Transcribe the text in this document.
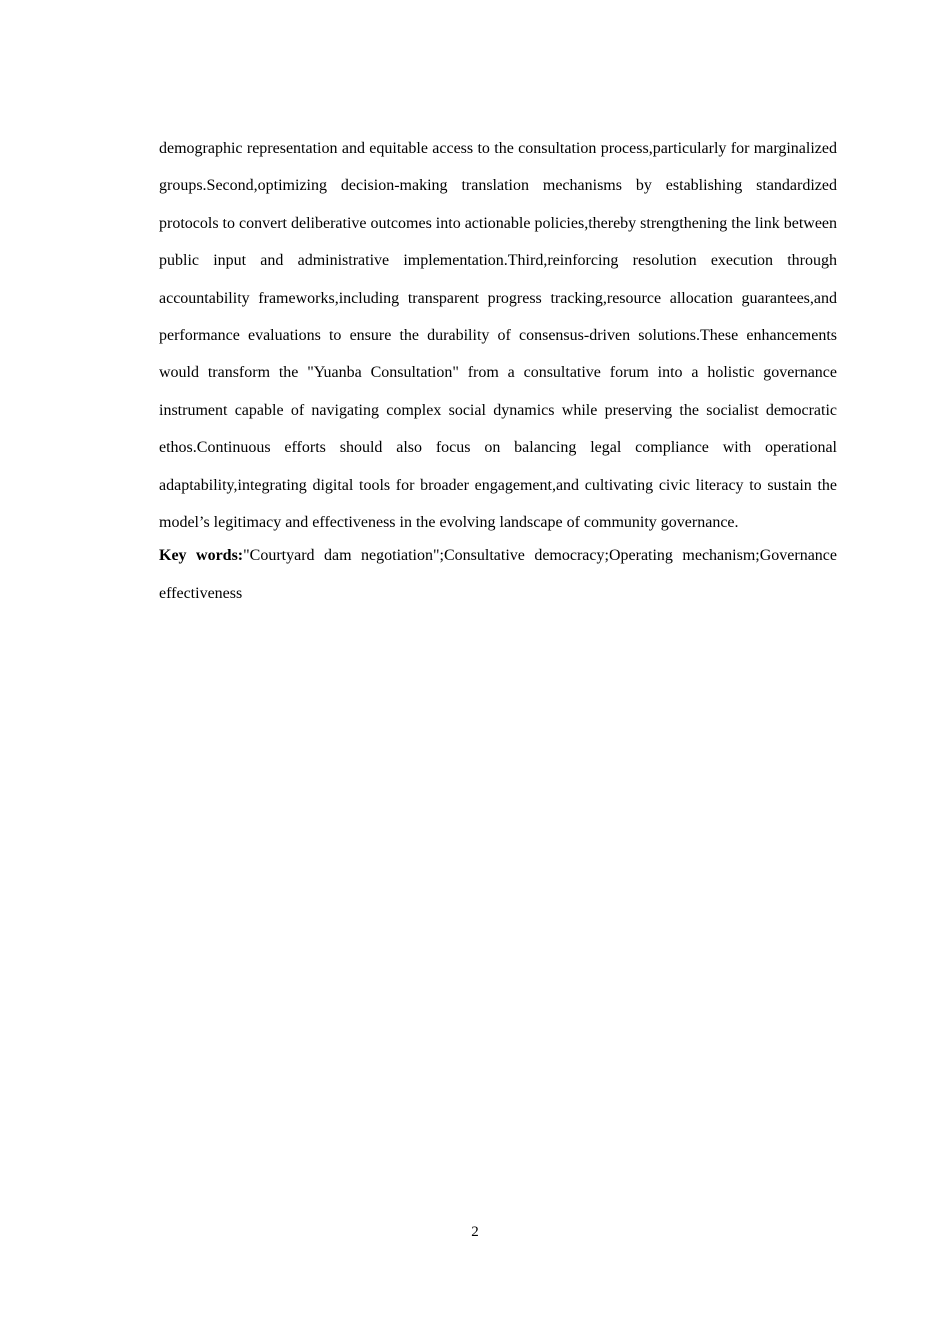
demographic representation and equitable access to the consultation process,particularly for marginalized groups.Second,optimizing decision-making translation mechanisms by establishing standardized protocols to convert deliberative outcomes into actionable policies,thereby strengthening the link between public input and administrative implementation.Third,reinforcing resolution execution through accountability frameworks,including transparent progress tracking,resource allocation guarantees,and performance evaluations to ensure the durability of consensus-driven solutions.These enhancements would transform the "Yuanba Consultation" from a consultative forum into a holistic governance instrument capable of navigating complex social dynamics while preserving the socialist democratic ethos.Continuous efforts should also focus on balancing legal compliance with operational adaptability,integrating digital tools for broader engagement,and cultivating civic literacy to sustain the model’s legitimacy and effectiveness in the evolving landscape of community governance.

Key words:"Courtyard dam negotiation";Consultative democracy;Operating mechanism;Governance effectiveness

2
